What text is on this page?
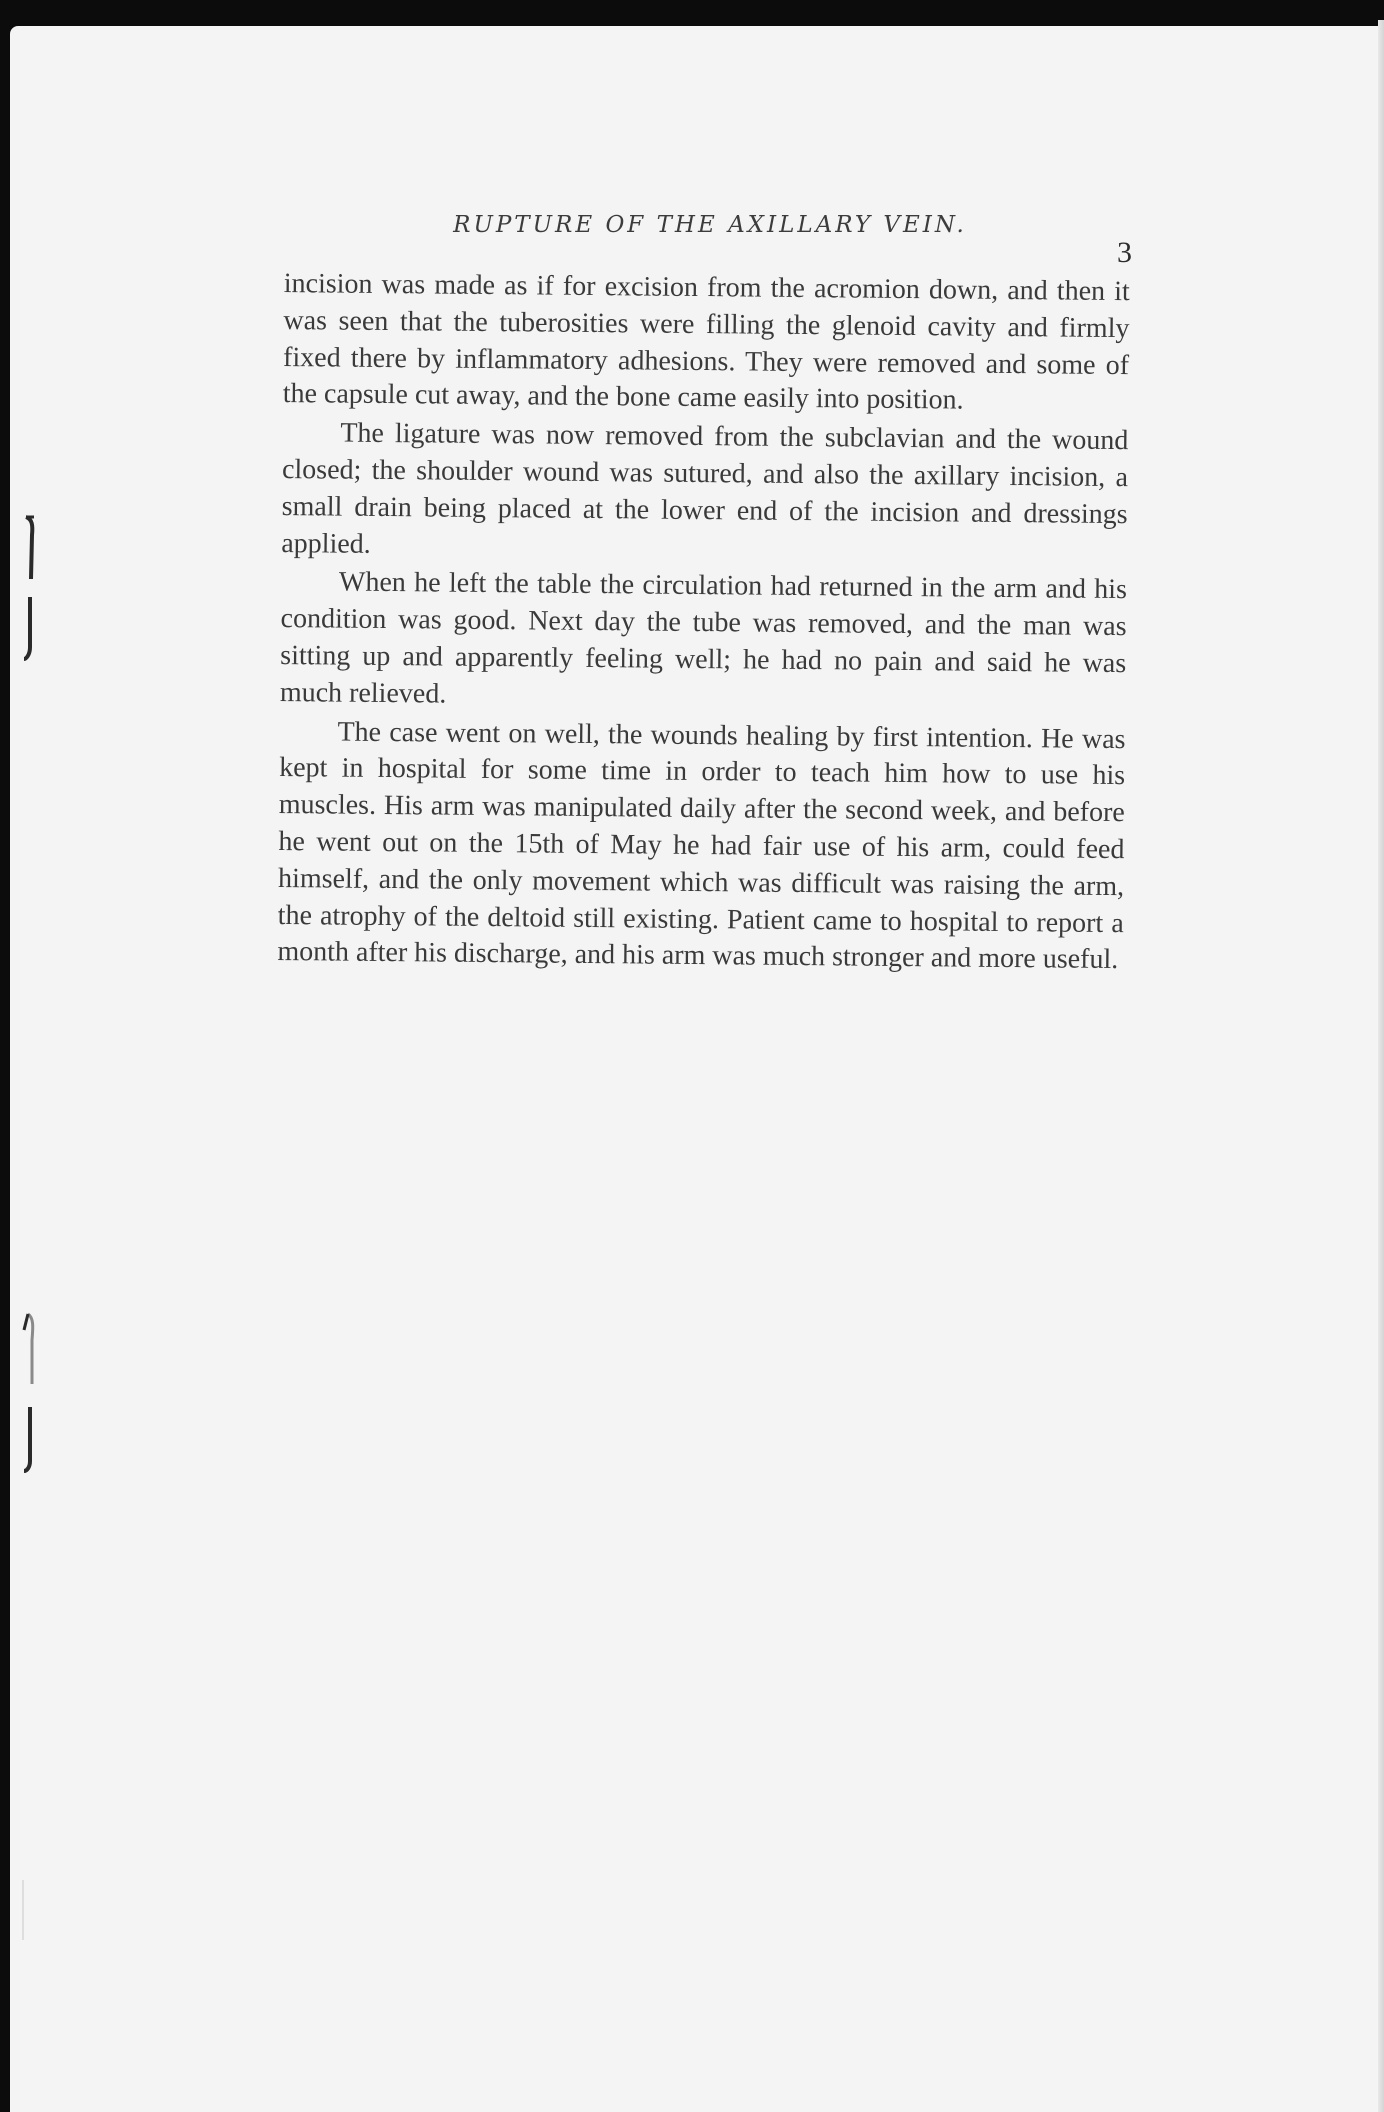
RUPTURE OF THE AXILLARY VEIN.

3

incision was made as if for excision from the acromion down, and then it was seen that the tuberosities were filling the glenoid cavity and firmly fixed there by inflammatory adhesions. They were removed and some of the capsule cut away, and the bone came easily into position.

The ligature was now removed from the subclavian and the wound closed; the shoulder wound was sutured, and also the axillary incision, a small drain being placed at the lower end of the incision and dressings applied.

When he left the table the circulation had returned in the arm and his condition was good. Next day the tube was removed, and the man was sitting up and apparently feeling well; he had no pain and said he was much relieved.

The case went on well, the wounds healing by first intention. He was kept in hospital for some time in order to teach him how to use his muscles. His arm was manipulated daily after the second week, and before he went out on the 15th of May he had fair use of his arm, could feed himself, and the only movement which was difficult was raising the arm, the atrophy of the deltoid still existing. Patient came to hospital to report a month after his discharge, and his arm was much stronger and more useful.
